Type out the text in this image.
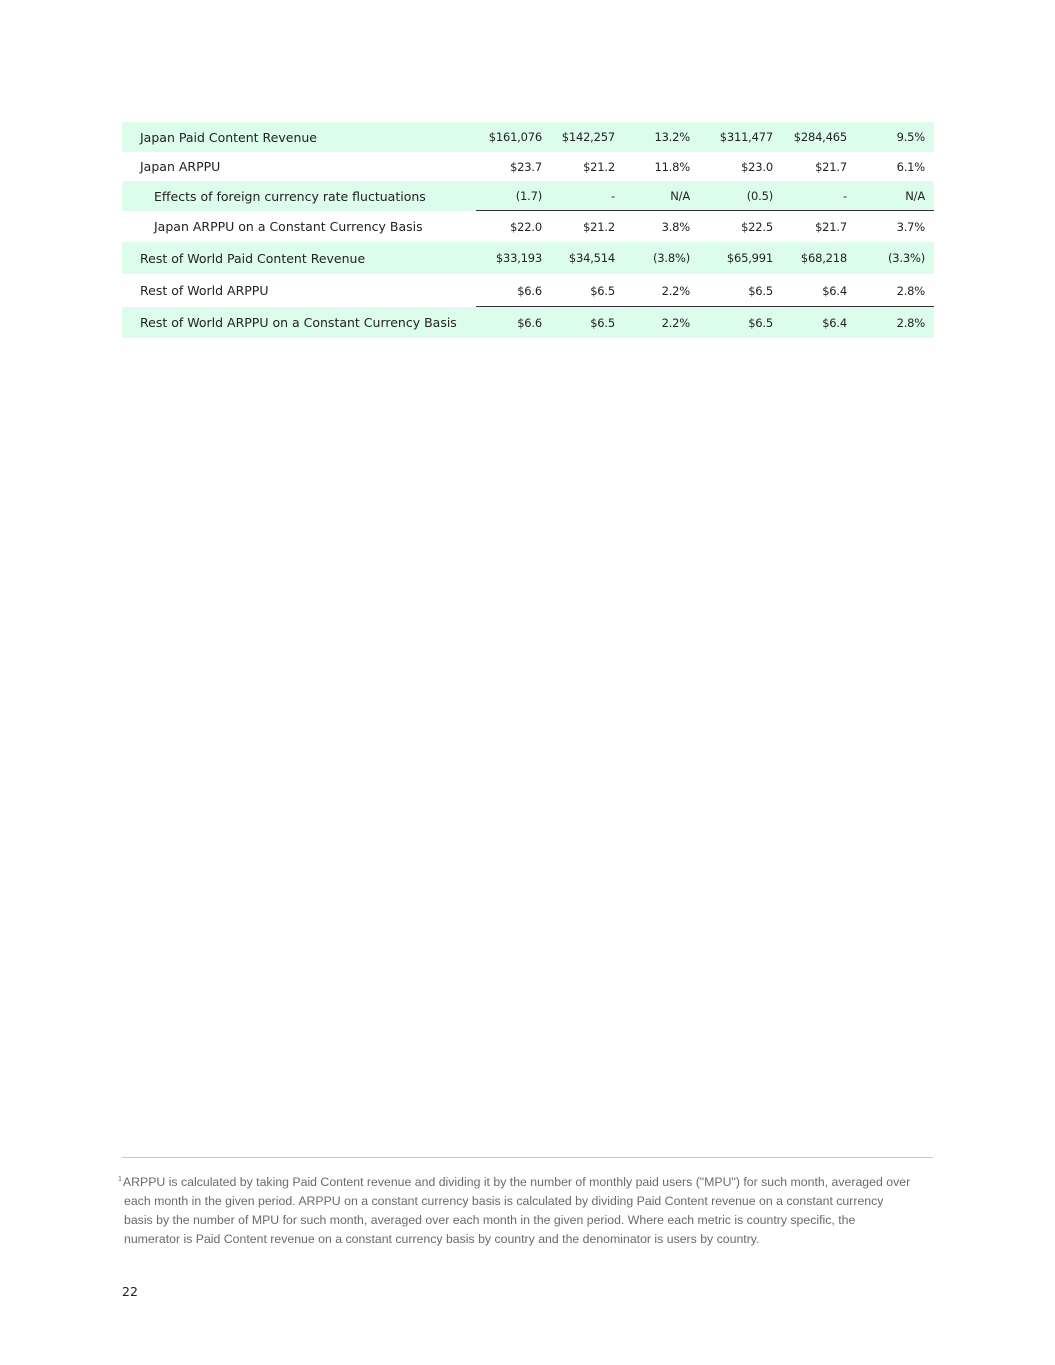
Japan Paid Content Revenue	$161,076	$142,257	13.2%	$311,477	$284,465	9.5%
Japan ARPPU	$23.7	$21.2	11.8%	$23.0	$21.7	6.1%
Effects of foreign currency rate fluctuations	(1.7)	-	N/A	(0.5)	-	N/A
Japan ARPPU on a Constant Currency Basis	$22.0	$21.2	3.8%	$22.5	$21.7	3.7%
Rest of World Paid Content Revenue	$33,193	$34,514	(3.8%)	$65,991	$68,218	(3.3%)
Rest of World ARPPU	$6.6	$6.5	2.2%	$6.5	$6.4	2.8%
Rest of World ARPPU on a Constant Currency Basis	$6.6	$6.5	2.2%	$6.5	$6.4	2.8%
$^1$ARPPU is calculated by taking Paid Content revenue and dividing it by the number of monthly paid users ("MPU") for such month, averaged over
each month in the given period. ARPPU on a constant currency basis is calculated by dividing Paid Content revenue on a constant currency
basis by the number of MPU for such month, averaged over each month in the given period. Where each metric is country specific, the
numerator is Paid Content revenue on a constant currency basis by country and the denominator is users by country.
22
